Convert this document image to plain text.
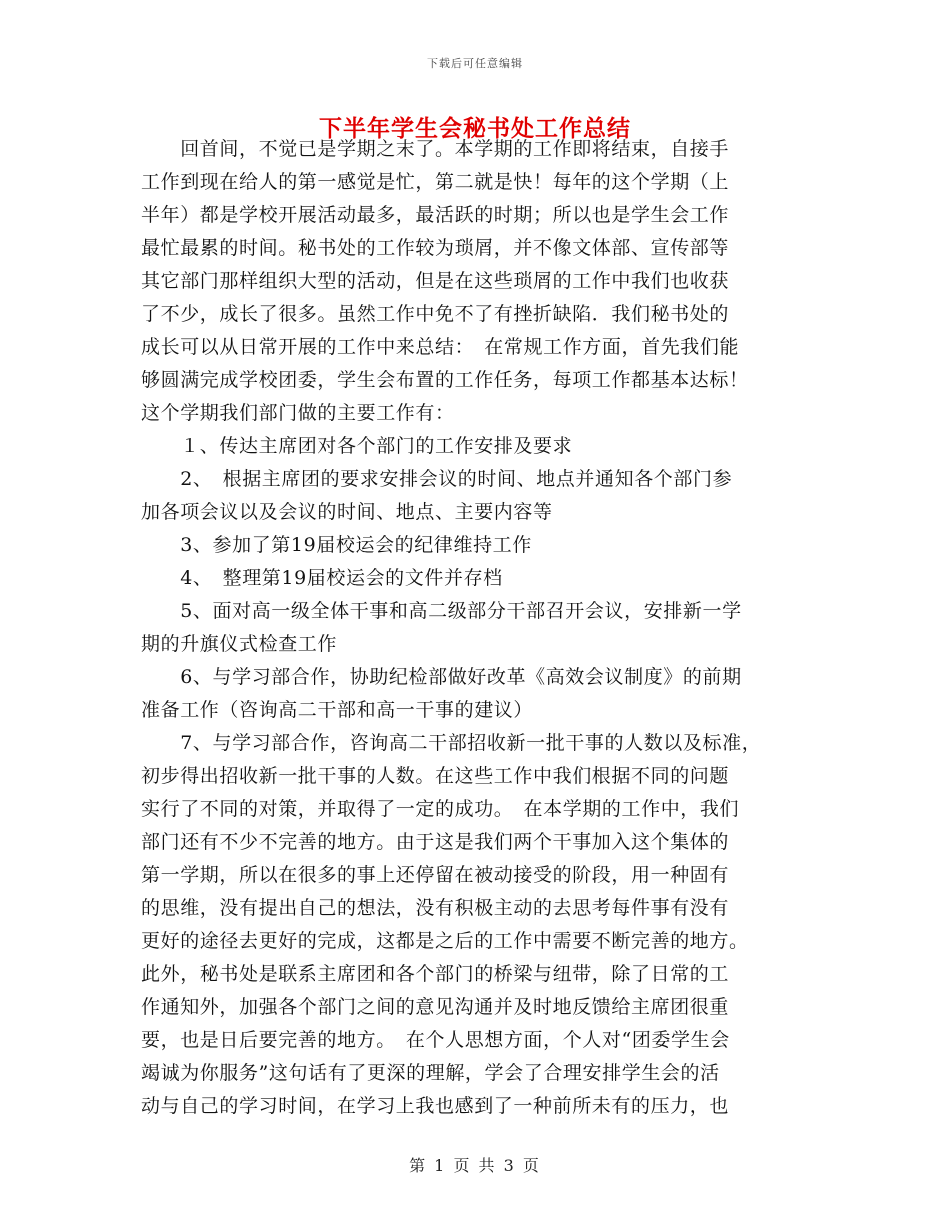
下载后可任意编辑
下半年学生会秘书处工作总结
　　回首间，不觉已是学期之末了。本学期的工作即将结束，自接手
工作到现在给人的第一感觉是忙，第二就是快！每年的这个学期（上
半年）都是学校开展活动最多，最活跃的时期；所以也是学生会工作
最忙最累的时间。秘书处的工作较为琐屑，并不像文体部、宣传部等
其它部门那样组织大型的活动，但是在这些琐屑的工作中我们也收获
了不少，成长了很多。虽然工作中免不了有挫折缺陷．我们秘书处的
成长可以从日常开展的工作中来总结：　在常规工作方面，首先我们能
够圆满完成学校团委，学生会布置的工作任务，每项工作都基本达标！
这个学期我们部门做的主要工作有：
　　１、传达主席团对各个部门的工作安排及要求
　　2、　根据主席团的要求安排会议的时间、地点并通知各个部门参
加各项会议以及会议的时间、地点、主要内容等
　　3、参加了第19届校运会的纪律维持工作
　　4、　整理第19届校运会的文件并存档
　　5、面对高一级全体干事和高二级部分干部召开会议，安排新一学
期的升旗仪式检查工作
　　6、与学习部合作，协助纪检部做好改革《高效会议制度》的前期
准备工作（咨询高二干部和高一干事的建议）
　　7、与学习部合作，咨询高二干部招收新一批干事的人数以及标准，
初步得出招收新一批干事的人数。在这些工作中我们根据不同的问题
实行了不同的对策，并取得了一定的成功。　在本学期的工作中，我们
部门还有不少不完善的地方。由于这是我们两个干事加入这个集体的
第一学期，所以在很多的事上还停留在被动接受的阶段，用一种固有
的思维，没有提出自己的想法，没有积极主动的去思考每件事有没有
更好的途径去更好的完成，这都是之后的工作中需要不断完善的地方。
此外，秘书处是联系主席团和各个部门的桥梁与纽带，除了日常的工
作通知外，加强各个部门之间的意见沟通并及时地反馈给主席团很重
要，也是日后要完善的地方。　在个人思想方面，个人对“团委学生会
竭诚为你服务”这句话有了更深的理解，学会了合理安排学生会的活
动与自己的学习时间，在学习上我也感到了一种前所未有的压力，也
第 1 页 共 3 页
